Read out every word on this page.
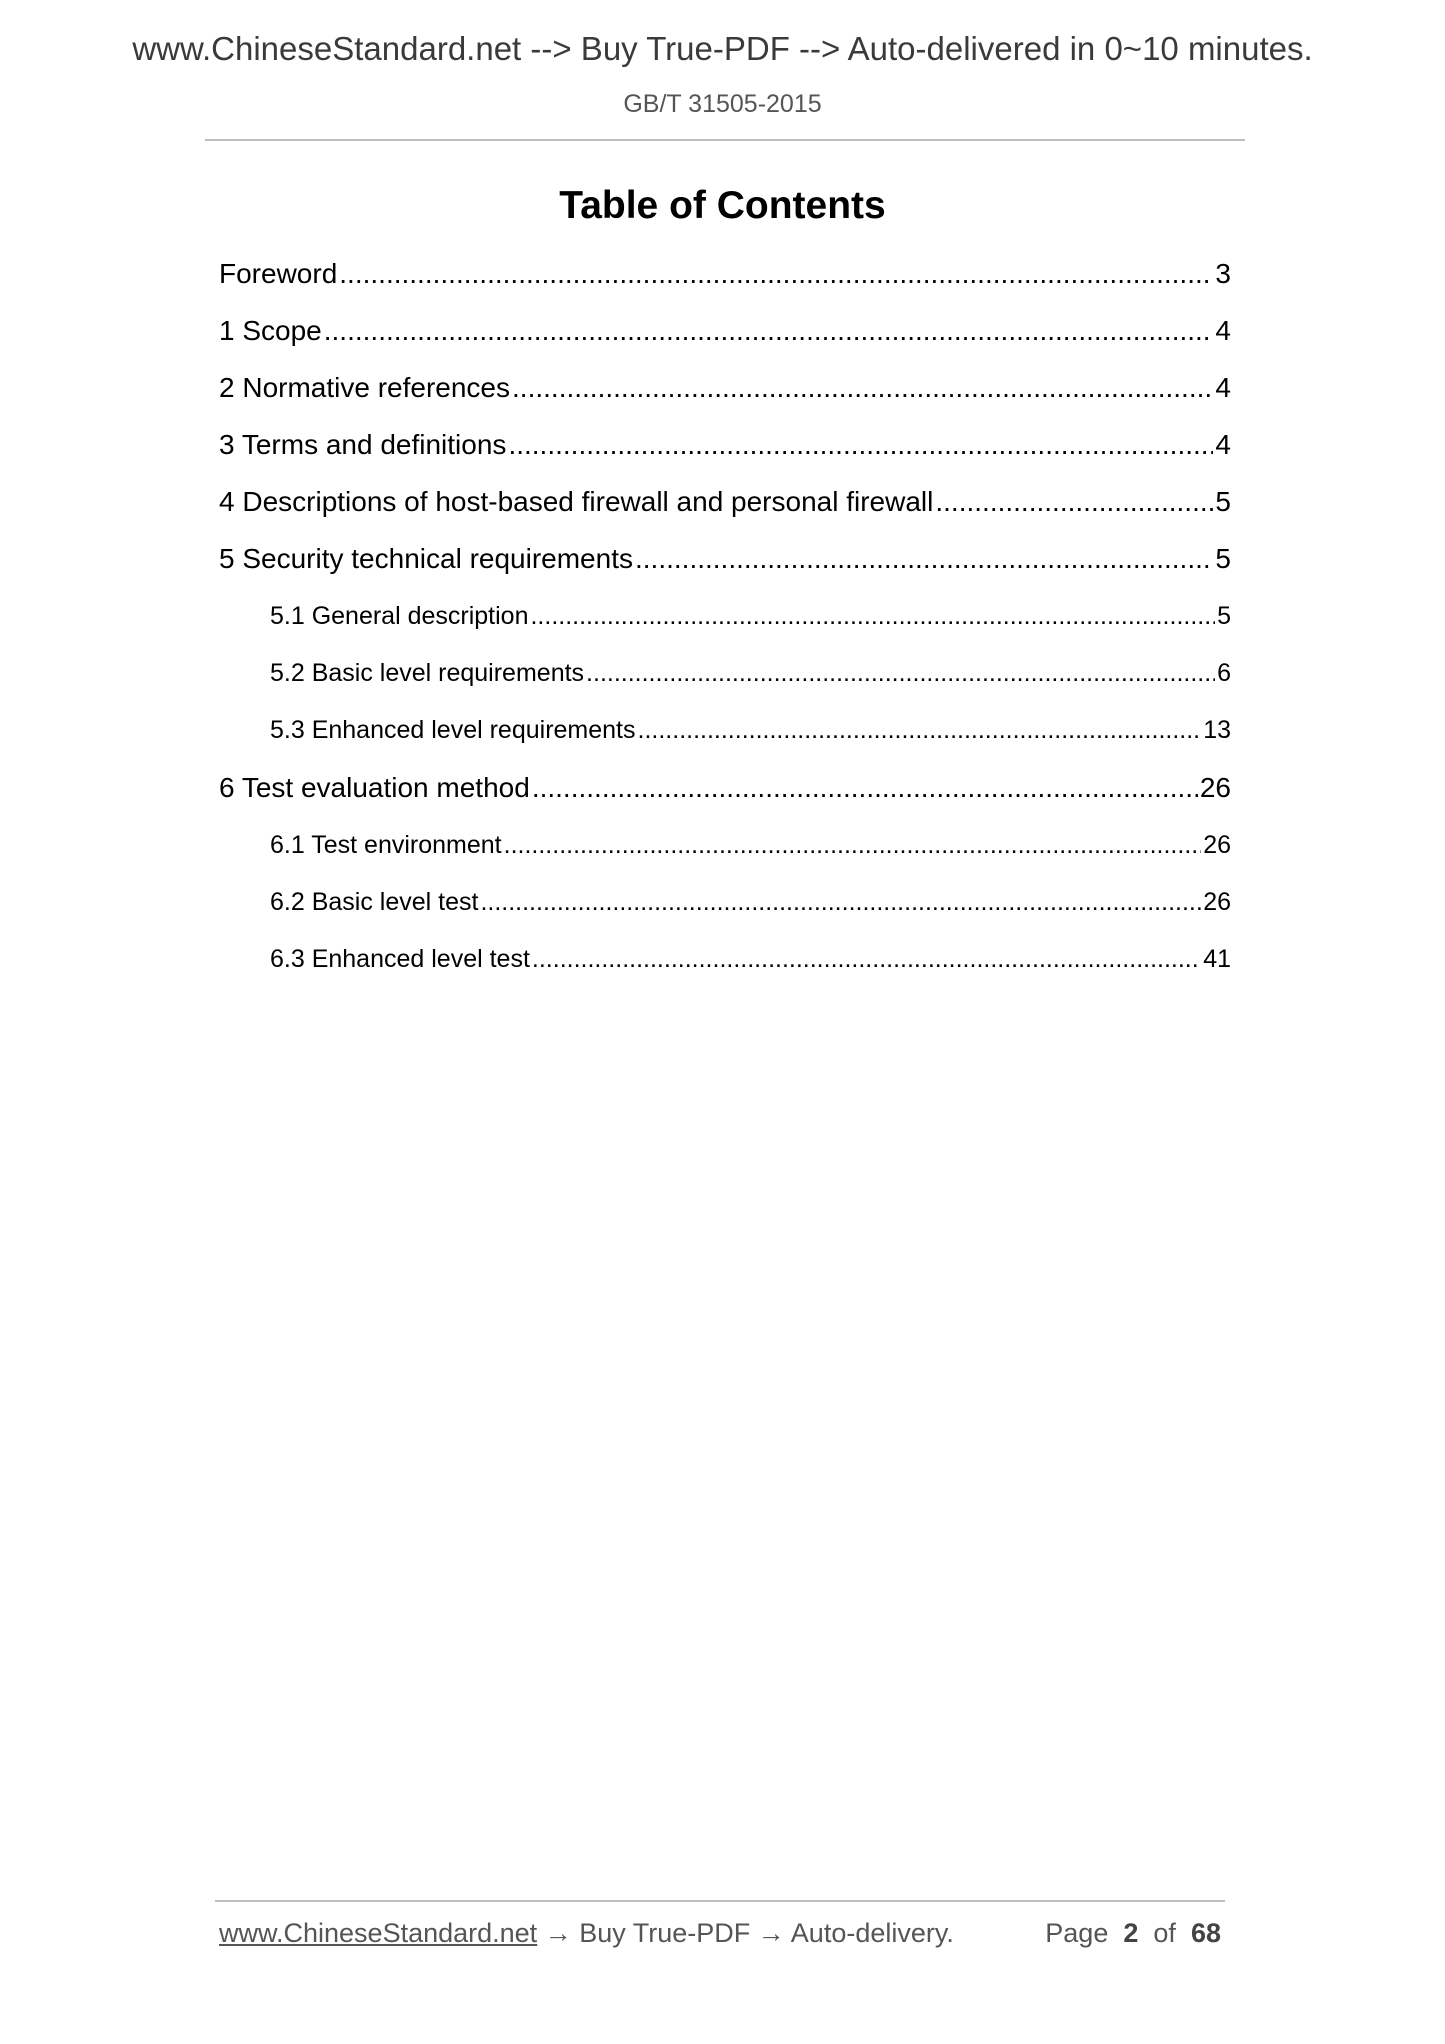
www.ChineseStandard.net --> Buy True-PDF --> Auto-delivered in 0~10 minutes.
GB/T 31505-2015
Table of Contents
Foreword .....	3
1 Scope .....	4
2 Normative references .....	4
3 Terms and definitions .....	4
4 Descriptions of host-based firewall and personal firewall .....	5
5 Security technical requirements .....	5
5.1 General description .....	5
5.2 Basic level requirements .....	6
5.3 Enhanced level requirements .....	13
6 Test evaluation method .....	26
6.1 Test environment .....	26
6.2 Basic level test .....	26
6.3 Enhanced level test .....	41
www.ChineseStandard.net → Buy True-PDF → Auto-delivery.	Page 2 of 68
